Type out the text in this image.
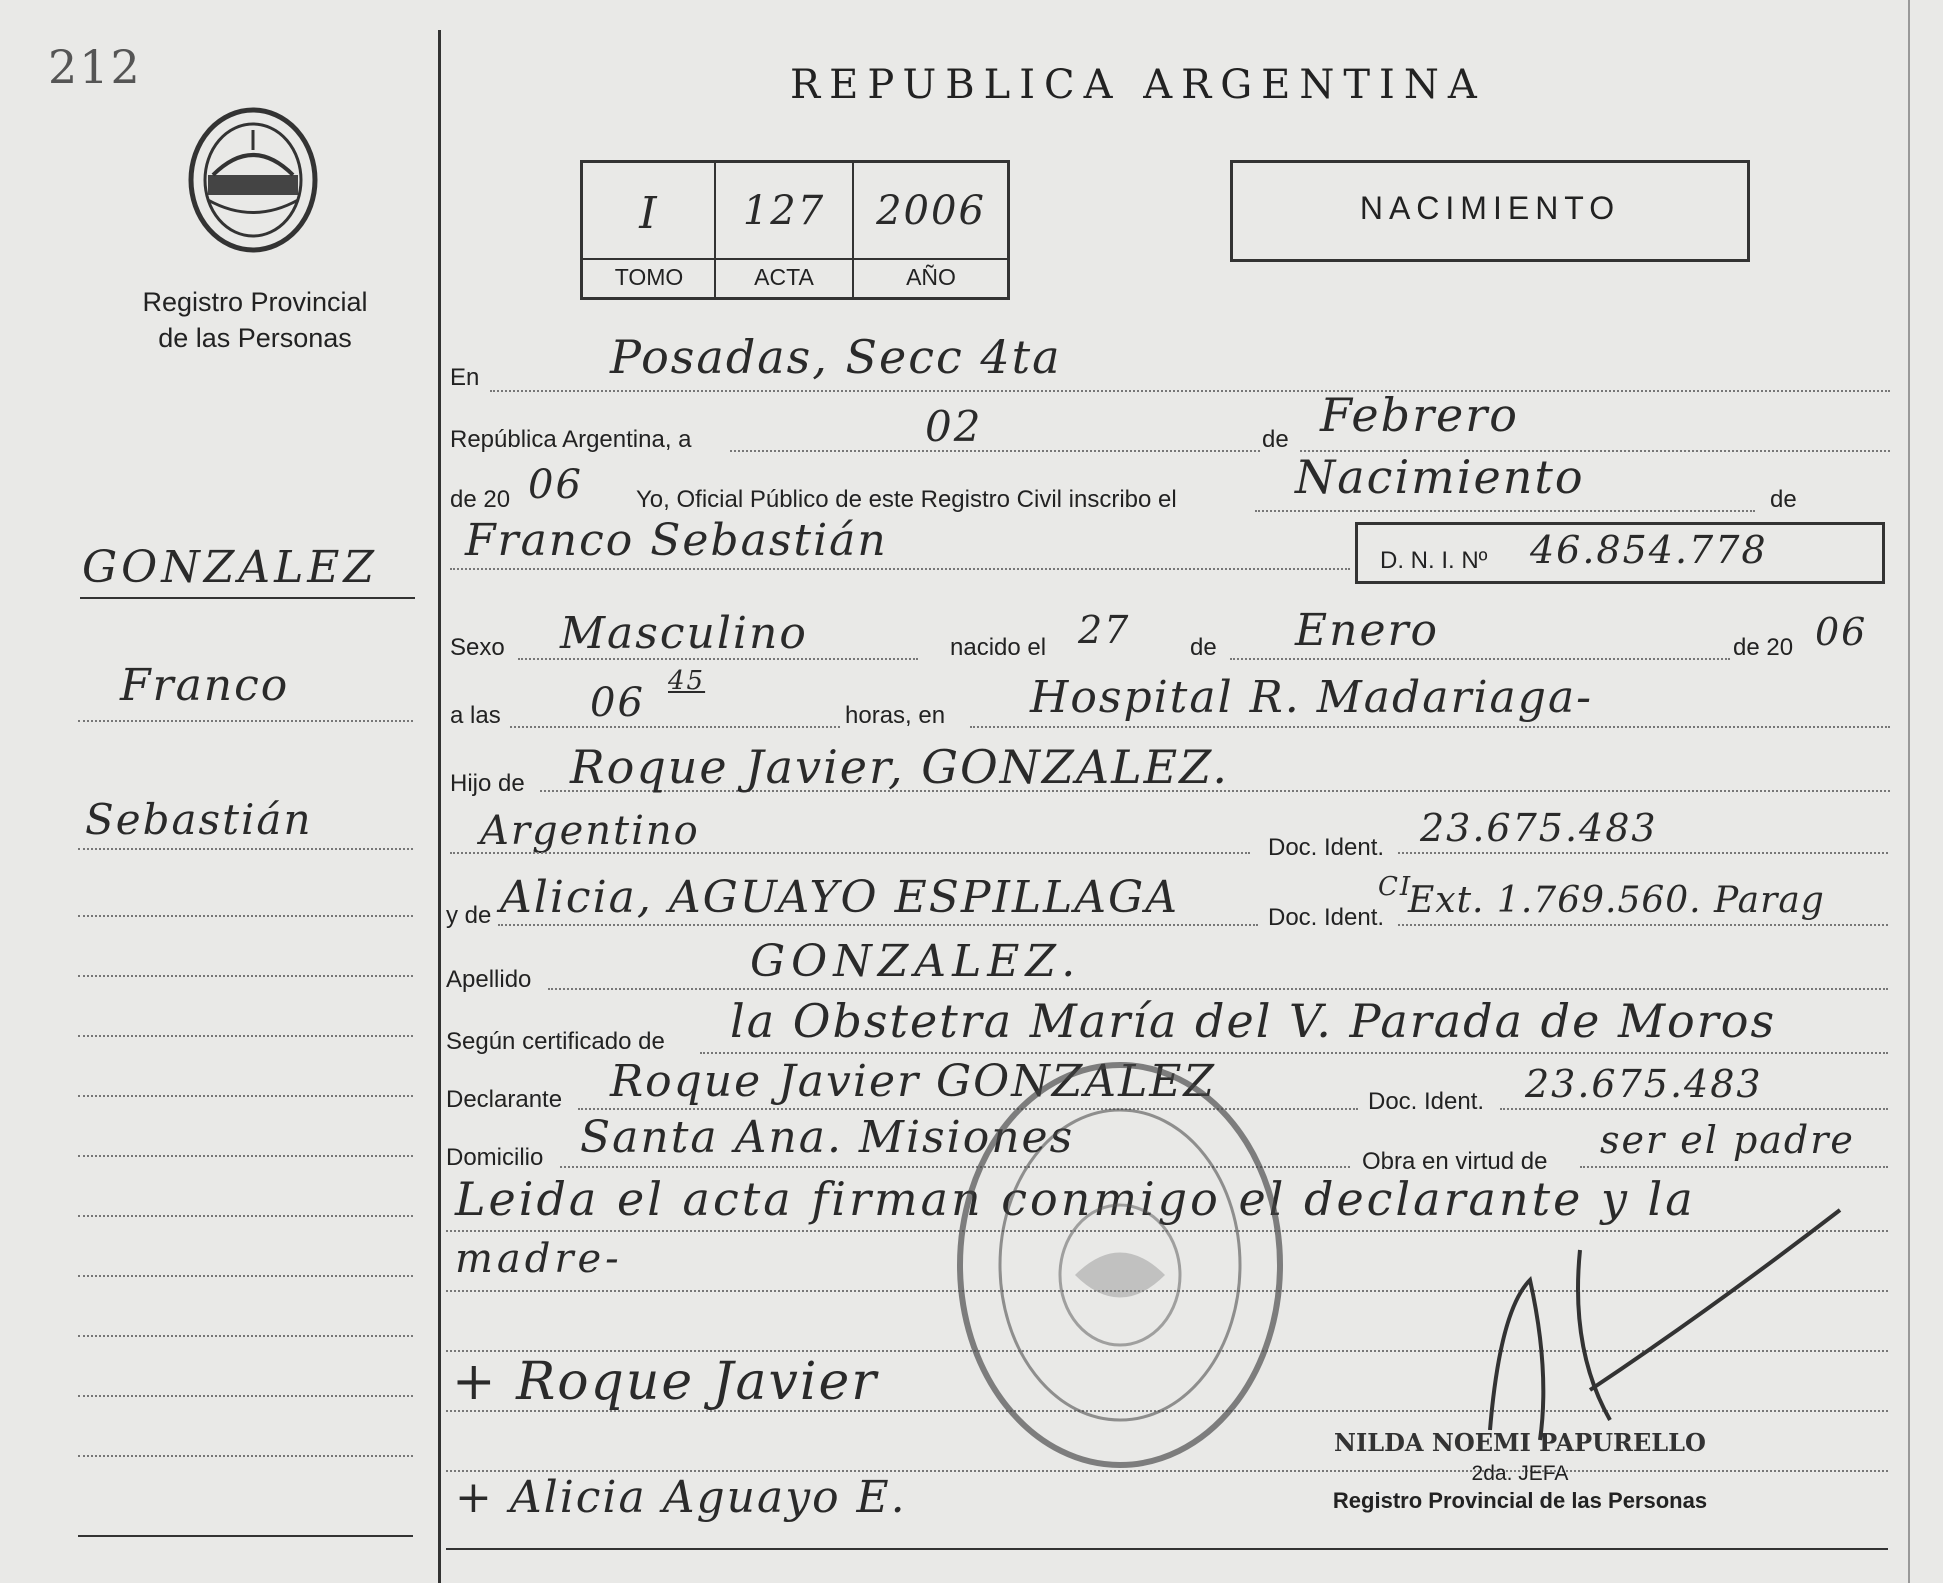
212
Registro Provincial
de las Personas
REPUBLICA ARGENTINA
I	127	2006
TOMO	ACTA	AÑO
NACIMIENTO
GONZALEZ
Franco
Sebastián
En	Posadas, Secc 4ta
República Argentina, a	02	de Febrero
de 20 06 Yo, Oficial Público de este Registro Civil inscribo el	Nacimiento	de
Franco Sebastián	D. N. I. Nº 46.854.778
Sexo Masculino	nacido el 27 de Enero	de 20 06
a las 06 45
horas, en Hospital R. Madariaga-
Hijo de Roque Javier, GONZALEZ.
Argentino	Doc. Ident. 23.675.483
y de Alicia, AGUAYO ESPILLAGA	Doc. Ident.
CI
Ext. 1.769.560. Parag
Apellido	GONZALEZ.
Según certificado de la Obstetra María del V. Parada de Moros
Declarante Roque Javier GONZALEZ	Doc. Ident. 23.675.483
Domicilio Santa Ana. Misiones	Obra en virtud de ser el padre
Leida el acta firman conmigo el declarante y la
madre-
+ Roque Javier
+ Alicia Aguayo E.
NILDA NOEMI PAPURELLO
2da. JEFA
Registro Provincial de las Personas
